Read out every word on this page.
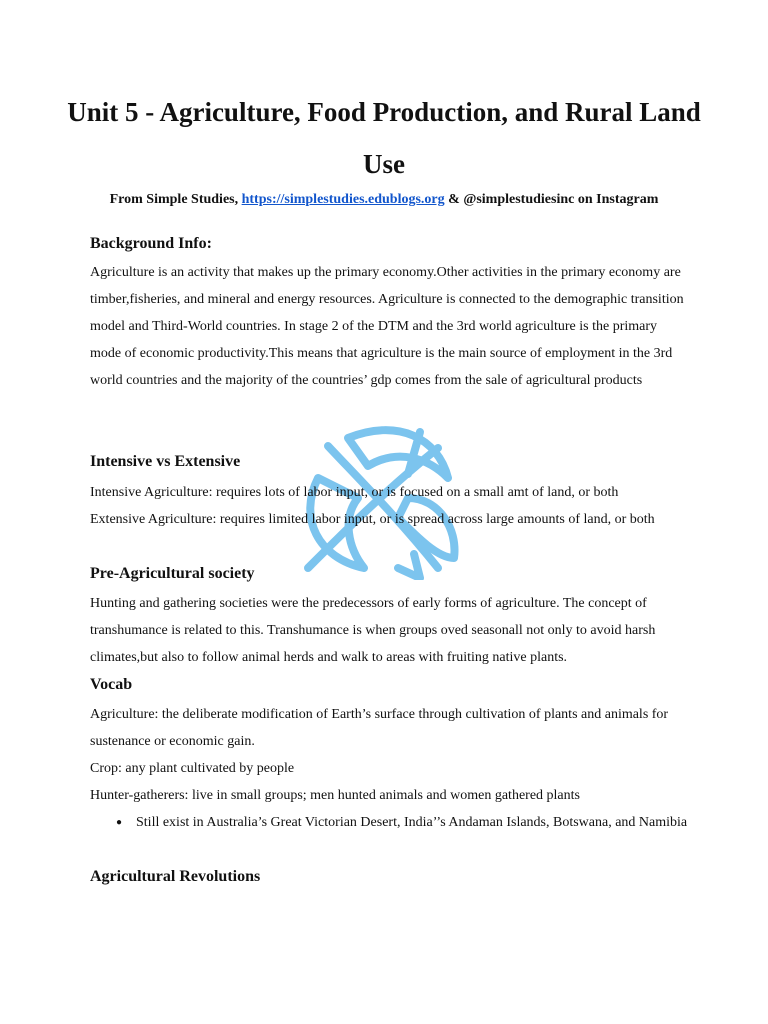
Unit 5 - Agriculture, Food Production, and Rural Land Use

From Simple Studies, https://simplestudies.edublogs.org & @simplestudiesinc on Instagram

Background Info:

Agriculture is an activity that makes up the primary economy.Other activities in the primary economy are timber,fisheries, and mineral and energy resources. Agriculture is connected to the demographic transition model and Third-World countries. In stage 2 of the DTM and the 3rd world agriculture is the primary mode of economic productivity.This means that agriculture is the main source of employment in the 3rd world countries and the majority of the countries’ gdp comes from the sale of agricultural products

Intensive vs Extensive

Intensive Agriculture: requires lots of labor input, or is focused on a small amt of land, or both

Extensive Agriculture: requires limited labor input, or is spread across large amounts of land, or both

Pre-Agricultural society

Hunting and gathering societies were the predecessors of early forms of agriculture. The concept of transhumance is related to this. Transhumance is when groups oved seasonall not only to avoid harsh climates,but also to follow animal herds and walk to areas with fruiting native plants.

Vocab

Agriculture: the deliberate modification of Earth’s surface through cultivation of plants and animals for sustenance or economic gain.

Crop: any plant cultivated by people

Hunter-gatherers: live in small groups; men hunted animals and women gathered plants

● Still exist in Australia’s Great Victorian Desert, India’’s Andaman Islands, Botswana, and Namibia
Agricultural Revolutions
